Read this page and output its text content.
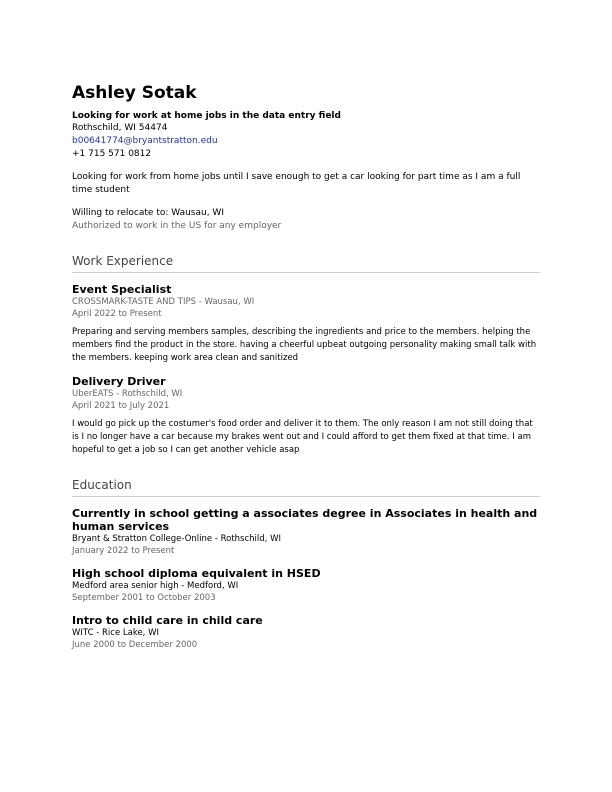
Ashley Sotak
Looking for work at home jobs in the data entry field
Rothschild, WI 54474
b00641774@bryantstratton.edu
+1 715 571 0812
Looking for work from home jobs until I save enough to get a car looking for part time as I am a full time student
Willing to relocate to: Wausau, WI
Authorized to work in the US for any employer
Work Experience
Event Specialist
CROSSMARK-TASTE AND TIPS - Wausau, WI
April 2022 to Present
Preparing and serving members samples, describing the ingredients and price to the members. helping the members find the product in the store. having a cheerful upbeat outgoing personality making small talk with the members. keeping work area clean and sanitized
Delivery Driver
UberEATS - Rothschild, WI
April 2021 to July 2021
I would go pick up the costumer's food order and deliver it to them. The only reason I am not still doing that is I no longer have a car because my brakes went out and I could afford to get them fixed at that time. I am hopeful to get a job so I can get another vehicle asap
Education
Currently in school getting a associates degree in Associates in health and human services
Bryant & Stratton College-Online - Rothschild, WI
January 2022 to Present
High school diploma equivalent in HSED
Medford area senior high - Medford, WI
September 2001 to October 2003
Intro to child care in child care
WITC - Rice Lake, WI
June 2000 to December 2000
